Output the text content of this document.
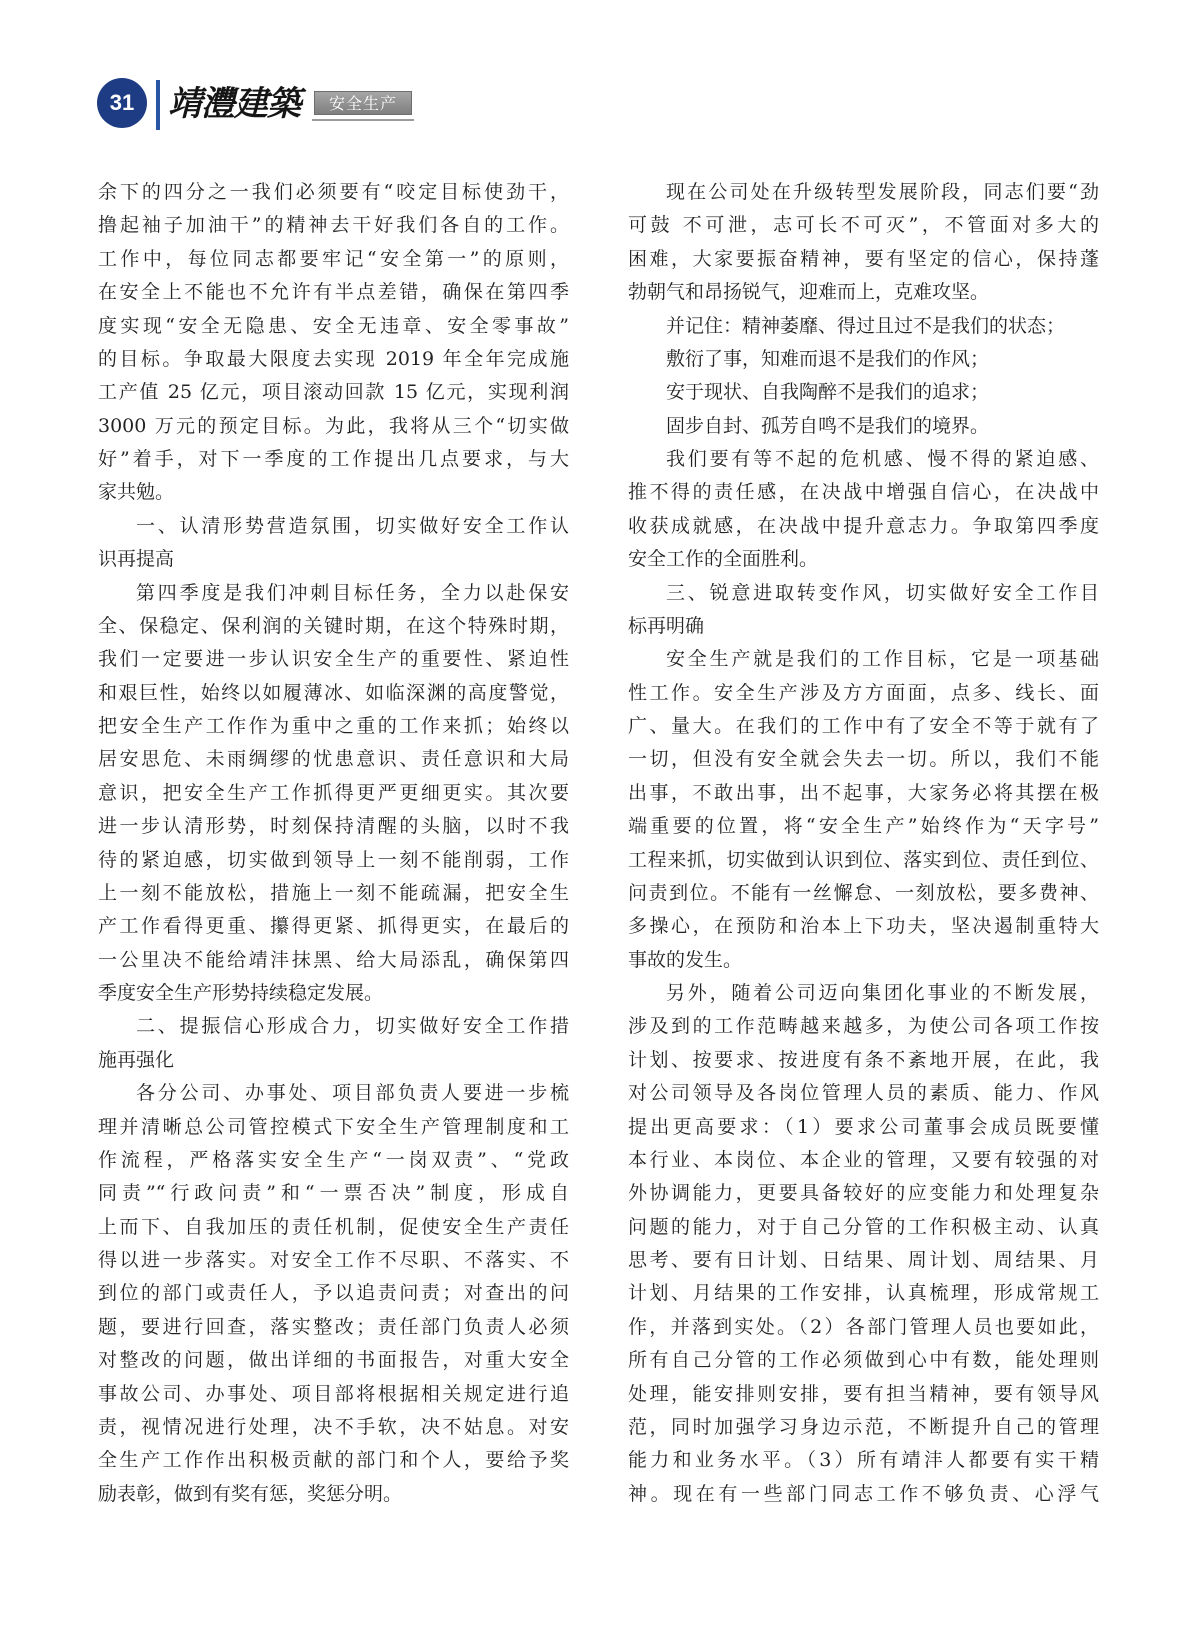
31 靖灃建築	安全生产
余下的四分之一我们必须要有“咬定目标使劲干，
撸起袖子加油干”的精神去干好我们各自的工作。
工作中，每位同志都要牢记“安全第一”的原则，
在安全上不能也不允许有半点差错，确保在第四季
度实现“安全无隐患、安全无违章、安全零事故”
的目标。争取最大限度去实现 2019 年全年完成施
工产值 25 亿元，项目滚动回款 15 亿元，实现利润
3000 万元的预定目标。为此，我将从三个“切实做
好”着手，对下一季度的工作提出几点要求，与大
家共勉。
一、认清形势营造氛围，切实做好安全工作认
识再提高
第四季度是我们冲刺目标任务，全力以赴保安
全、保稳定、保利润的关键时期，在这个特殊时期，
我们一定要进一步认识安全生产的重要性、紧迫性
和艰巨性，始终以如履薄冰、如临深渊的高度警觉，
把安全生产工作作为重中之重的工作来抓；始终以
居安思危、未雨绸缪的忧患意识、责任意识和大局
意识，把安全生产工作抓得更严更细更实。其次要
进一步认清形势，时刻保持清醒的头脑，以时不我
待的紧迫感，切实做到领导上一刻不能削弱，工作
上一刻不能放松，措施上一刻不能疏漏，把安全生
产工作看得更重、攥得更紧、抓得更实，在最后的
一公里决不能给靖沣抹黑、给大局添乱，确保第四
季度安全生产形势持续稳定发展。
二、提振信心形成合力，切实做好安全工作措
施再强化
各分公司、办事处、项目部负责人要进一步梳
理并清晰总公司管控模式下安全生产管理制度和工
作流程，严格落实安全生产“一岗双责”、“党政
同责”“行政问责”和“一票否决”制度，形成自
上而下、自我加压的责任机制，促使安全生产责任
得以进一步落实。对安全工作不尽职、不落实、不
到位的部门或责任人，予以追责问责；对查出的问
题，要进行回查，落实整改；责任部门负责人必须
对整改的问题，做出详细的书面报告，对重大安全
事故公司、办事处、项目部将根据相关规定进行追
责，视情况进行处理，决不手软，决不姑息。对安
全生产工作作出积极贡献的部门和个人，要给予奖
励表彰，做到有奖有惩，奖惩分明。
现在公司处在升级转型发展阶段，同志们要“劲
可鼓 不可泄，志可长不可灭”，不管面对多大的
困难，大家要振奋精神，要有坚定的信心，保持蓬
勃朝气和昂扬锐气，迎难而上，克难攻坚。
并记住：精神萎靡、得过且过不是我们的状态；
敷衍了事，知难而退不是我们的作风；
安于现状、自我陶醉不是我们的追求；
固步自封、孤芳自鸣不是我们的境界。
我们要有等不起的危机感、慢不得的紧迫感、
推不得的责任感，在决战中增强自信心，在决战中
收获成就感，在决战中提升意志力。争取第四季度
安全工作的全面胜利。
三、锐意进取转变作风，切实做好安全工作目
标再明确
安全生产就是我们的工作目标，它是一项基础
性工作。安全生产涉及方方面面，点多、线长、面
广、量大。在我们的工作中有了安全不等于就有了
一切，但没有安全就会失去一切。所以，我们不能
出事，不敢出事，出不起事，大家务必将其摆在极
端重要的位置，将“安全生产”始终作为“天字号”
工程来抓，切实做到认识到位、落实到位、责任到位、
问责到位。不能有一丝懈怠、一刻放松，要多费神、
多操心，在预防和治本上下功夫，坚决遏制重特大
事故的发生。
另外，随着公司迈向集团化事业的不断发展，
涉及到的工作范畴越来越多，为使公司各项工作按
计划、按要求、按进度有条不紊地开展，在此，我
对公司领导及各岗位管理人员的素质、能力、作风
提出更高要求：（1）要求公司董事会成员既要懂
本行业、本岗位、本企业的管理，又要有较强的对
外协调能力，更要具备较好的应变能力和处理复杂
问题的能力，对于自己分管的工作积极主动、认真
思考、要有日计划、日结果、周计划、周结果、月
计划、月结果的工作安排，认真梳理，形成常规工
作，并落到实处。（2）各部门管理人员也要如此，
所有自己分管的工作必须做到心中有数，能处理则
处理，能安排则安排，要有担当精神，要有领导风
范，同时加强学习身边示范，不断提升自己的管理
能力和业务水平。（3）所有靖沣人都要有实干精
神。现在有一些部门同志工作不够负责、心浮气
